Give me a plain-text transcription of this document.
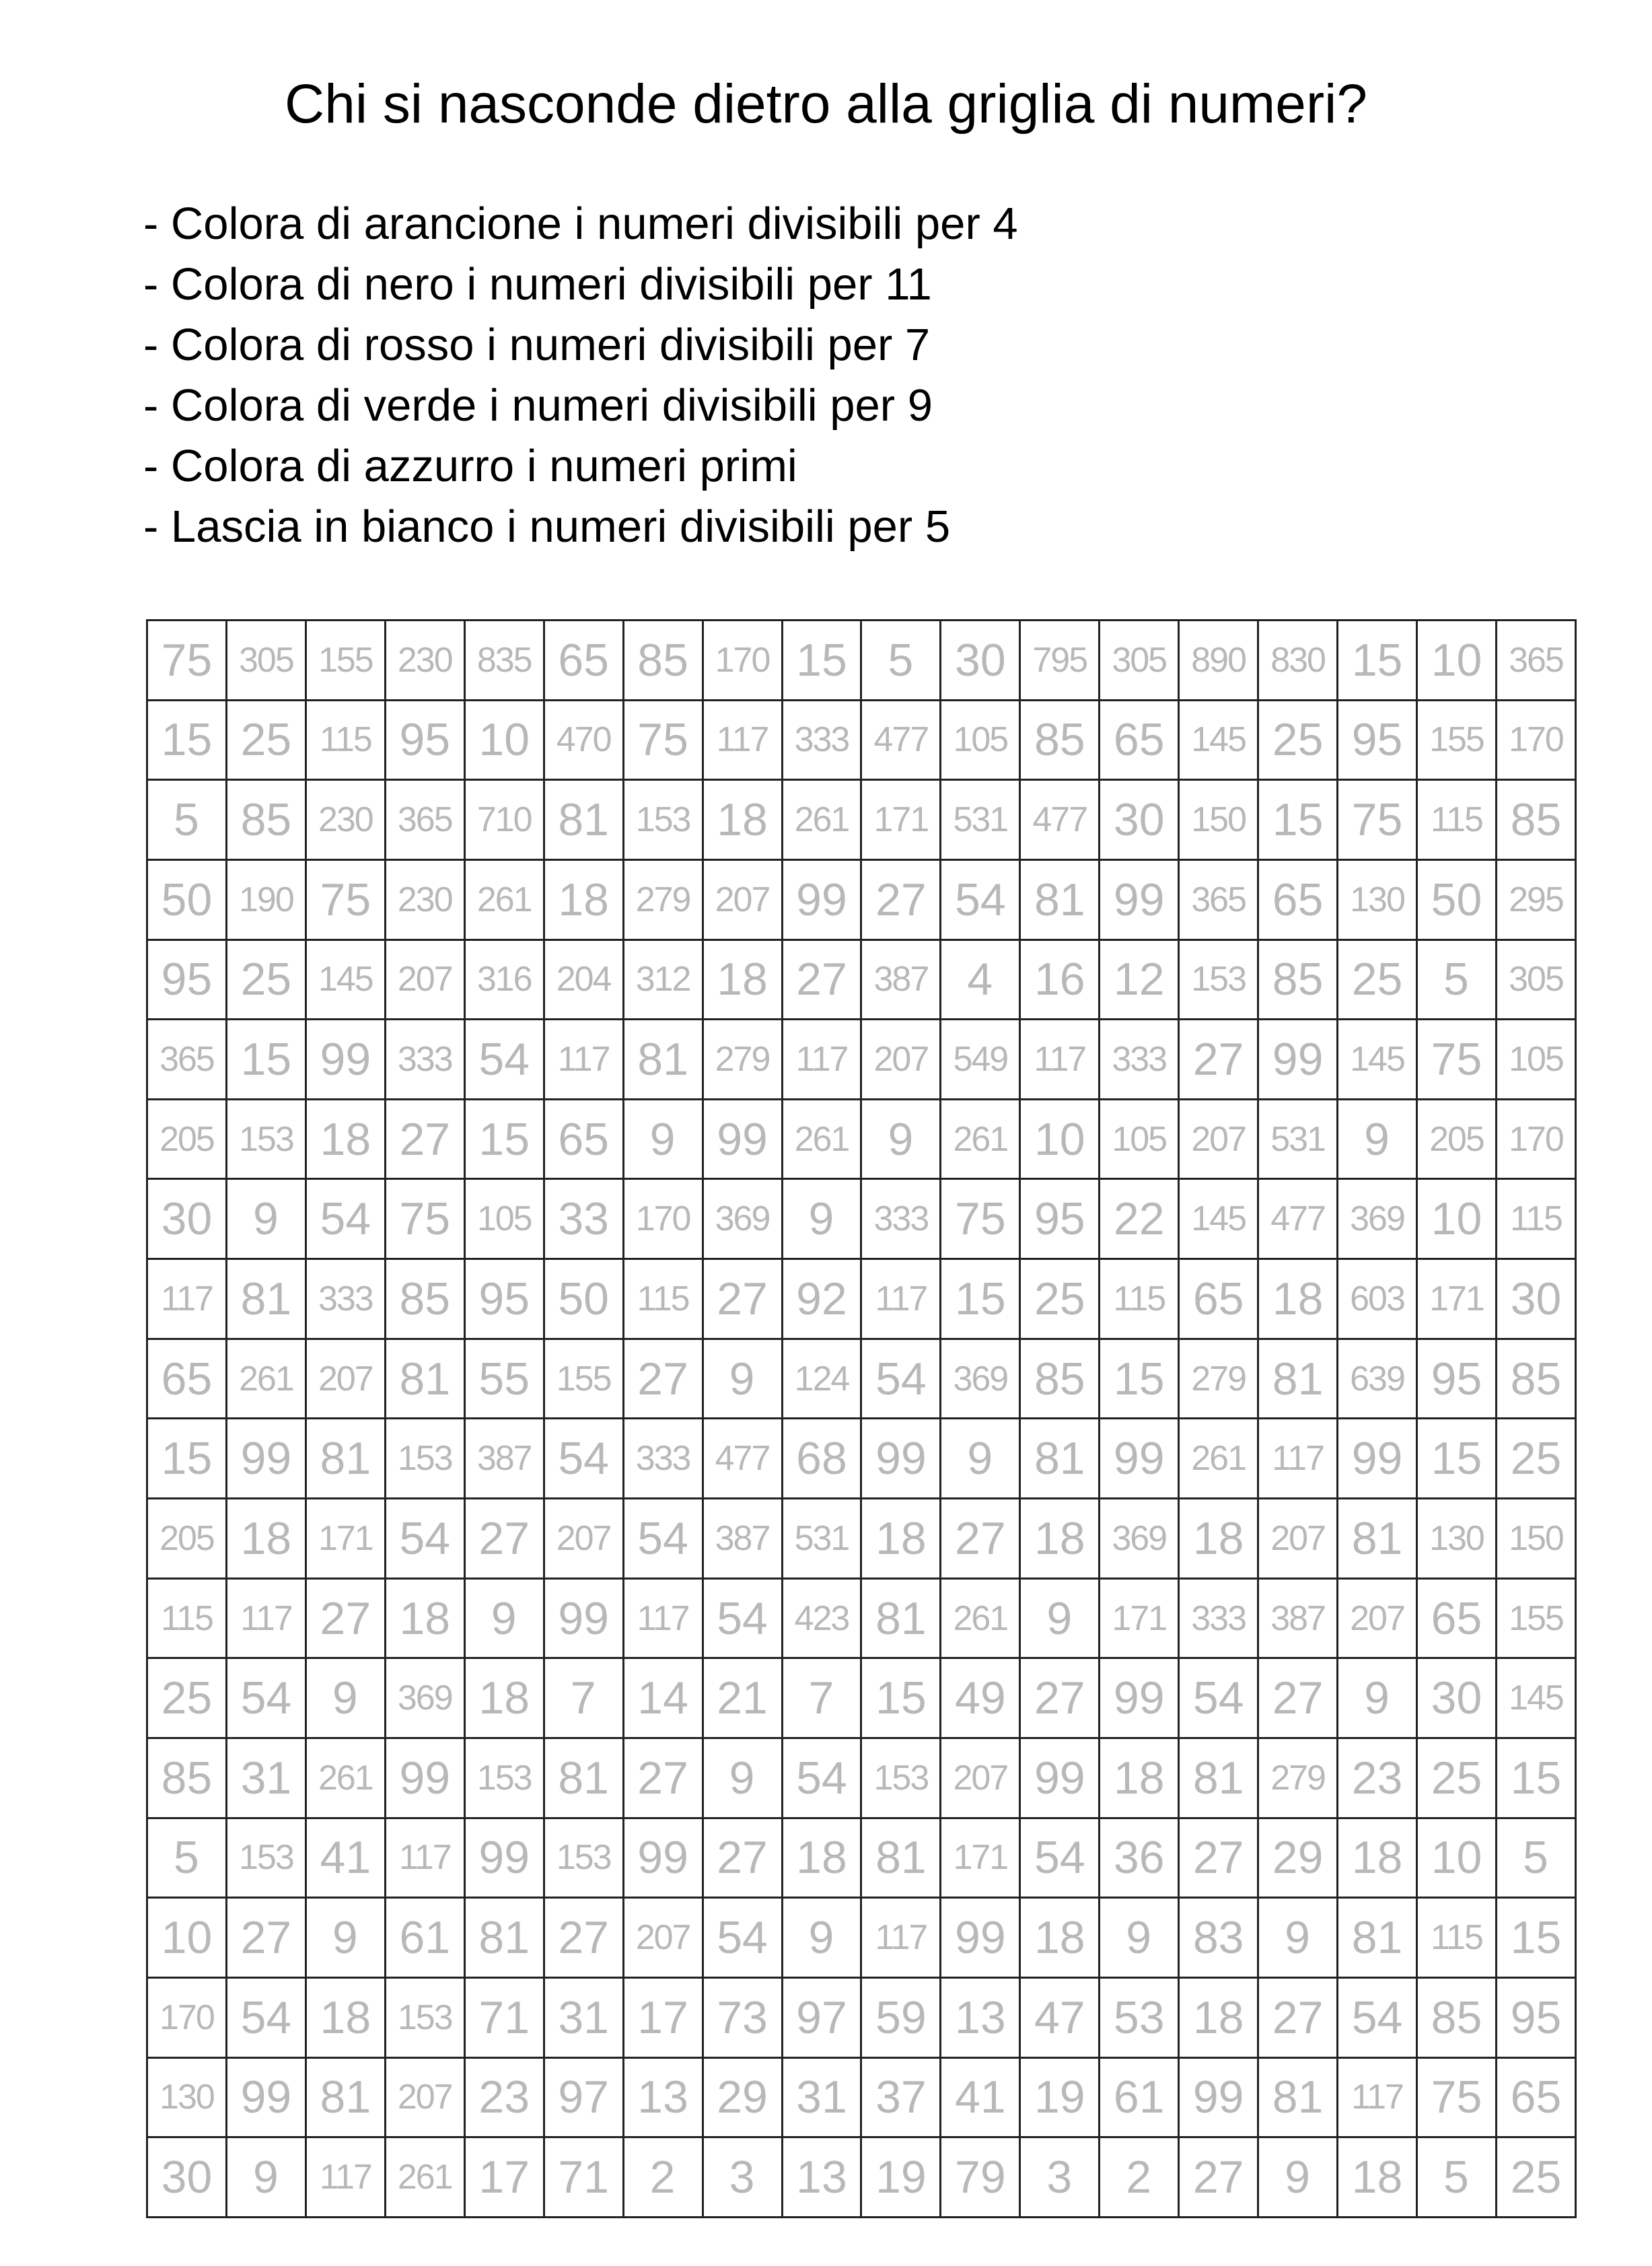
Chi si nasconde dietro alla griglia di numeri?
- Colora di arancione i numeri divisibili per 4
- Colora di nero i numeri divisibili per 11
- Colora di rosso i numeri divisibili per 7
- Colora di verde i numeri divisibili per 9
- Colora di azzurro i numeri primi
- Lascia in bianco i numeri divisibili per 5
75	305	155	230	835	65	85	170	15	5	30	795	305	890	830	15	10	365
15	25	115	95	10	470	75	117	333	477	105	85	65	145	25	95	155	170
5	85	230	365	710	81	153	18	261	171	531	477	30	150	15	75	115	85
50	190	75	230	261	18	279	207	99	27	54	81	99	365	65	130	50	295
95	25	145	207	316	204	312	18	27	387	4	16	12	153	85	25	5	305
365	15	99	333	54	117	81	279	117	207	549	117	333	27	99	145	75	105
205	153	18	27	15	65	9	99	261	9	261	10	105	207	531	9	205	170
30	9	54	75	105	33	170	369	9	333	75	95	22	145	477	369	10	115
117	81	333	85	95	50	115	27	92	117	15	25	115	65	18	603	171	30
65	261	207	81	55	155	27	9	124	54	369	85	15	279	81	639	95	85
15	99	81	153	387	54	333	477	68	99	9	81	99	261	117	99	15	25
205	18	171	54	27	207	54	387	531	18	27	18	369	18	207	81	130	150
115	117	27	18	9	99	117	54	423	81	261	9	171	333	387	207	65	155
25	54	9	369	18	7	14	21	7	15	49	27	99	54	27	9	30	145
85	31	261	99	153	81	27	9	54	153	207	99	18	81	279	23	25	15
5	153	41	117	99	153	99	27	18	81	171	54	36	27	29	18	10	5
10	27	9	61	81	27	207	54	9	117	99	18	9	83	9	81	115	15
170	54	18	153	71	31	17	73	97	59	13	47	53	18	27	54	85	95
130	99	81	207	23	97	13	29	31	37	41	19	61	99	81	117	75	65
30	9	117	261	17	71	2	3	13	19	79	3	2	27	9	18	5	25
